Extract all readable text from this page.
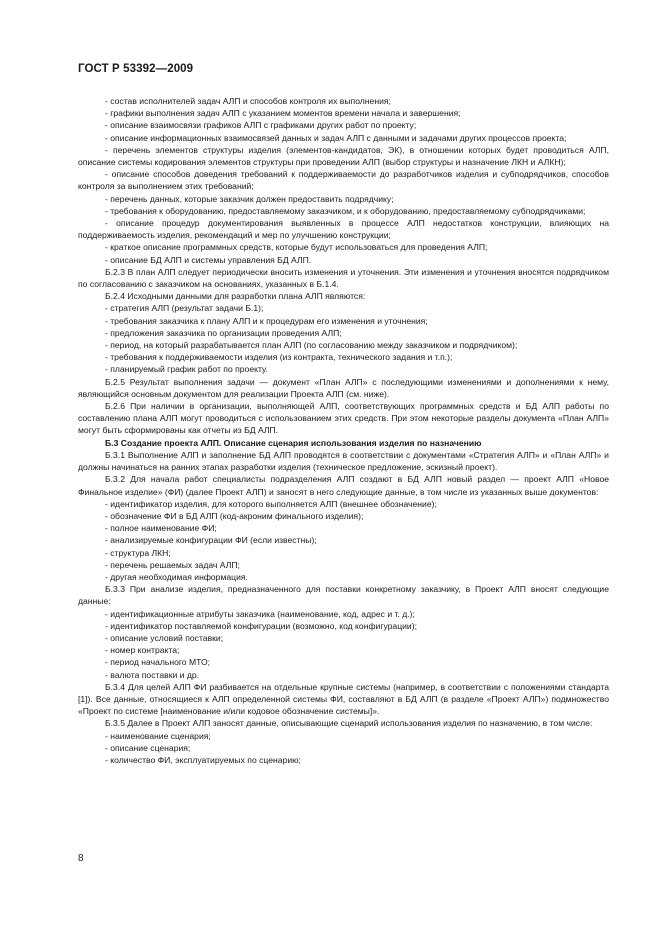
ГОСТ Р 53392—2009

- состав исполнителей задач АЛП и способов контроля их выполнения;

- графики выполнения задач АЛП с указанием моментов времени начала и завершения;

- описание взаимосвязи графиков АЛП с графиками других работ по проекту;

- описание информационных взаимосвязей данных и задач АЛП с данными и задачами других процессов проекта;

- перечень элементов структуры изделия (элементов-кандидатов, ЭК), в отношении которых будет проводиться АЛП, описание системы кодирования элементов структуры при проведении АЛП (выбор структуры и назначение ЛКН и АЛКН);

- описание способов доведения требований к поддерживаемости до разработчиков изделия и субподрядчиков, способов контроля за выполнением этих требований;

- перечень данных, которые заказчик должен предоставить подрядчику;

- требования к оборудованию, предоставляемому заказчиком, и к оборудованию, предоставляемому субподрядчиками;

- описание процедур документирования выявленных в процессе АЛП недостатков конструкции, влияющих на поддерживаемость изделия, рекомендаций и мер по улучшению конструкции;

- краткое описание программных средств, которые будут использоваться для проведения АЛП;

- описание БД АЛП и системы управления БД АЛП.

Б.2.3 В план АЛП следует периодически вносить изменения и уточнения. Эти изменения и уточнения вносятся подрядчиком по согласованию с заказчиком на основаниях, указанных в Б.1.4.

Б.2.4 Исходными данными для разработки плана АЛП являются:

- стратегия АЛП (результат задачи Б.1);

- требования заказчика к плану АЛП и к процедурам его изменения и уточнения;

- предложения заказчика по организации проведения АЛП;

- период, на который разрабатывается план АЛП (по согласованию между заказчиком и подрядчиком);

- требования к поддерживаемости изделия (из контракта, технического задания и т.п.);

- планируемый график работ по проекту.

Б.2.5 Результат выполнения задачи — документ «План АЛП» с последующими изменениями и дополнениями к нему, являющийся основным документом для реализации Проекта АЛП (см. ниже).

Б.2.6 При наличии в организации, выполняющей АЛП, соответствующих программных средств и БД АЛП работы по составлению плана АЛП могут проводиться с использованием этих средств. При этом некоторые разделы документа «План АЛП» могут быть сформированы как отчеты из БД АЛП.

Б.3 Создание проекта АЛП. Описание сценария использования изделия по назначению

Б.3.1 Выполнение АЛП и заполнение БД АЛП проводятся в соответствии с документами «Стратегия АЛП» и «План АЛП» и должны начинаться на ранних этапах разработки изделия (техническое предложение, эскизный проект).

Б.3.2 Для начала работ специалисты подразделения АЛП создают в БД АЛП новый раздел — проект АЛП «Новое Финальное изделие» (ФИ) (далее Проект АЛП) и заносят в него следующие данные, в том числе из указанных выше документов:

- идентификатор изделия, для которого выполняется АЛП (внешнее обозначение);

- обозначение ФИ в БД АЛП (код-акроним финального изделия);

- полное наименование ФИ;

- анализируемые конфигурации ФИ (если известны);

- структура ЛКН;

- перечень решаемых задач АЛП;

- другая необходимая информация.

Б.3.3 При анализе изделия, предназначенного для поставки конкретному заказчику, в Проект АЛП вносят следующие данные:

- идентификационные атрибуты заказчика (наименование, код, адрес и т. д.);

- идентификатор поставляемой конфигурации (возможно, код конфигурации);

- описание условий поставки;

- номер контракта;

- период начального МТО;

- валюта поставки и др.

Б.3.4 Для целей АЛП ФИ разбивается на отдельные крупные системы (например, в соответствии с положениями стандарта [1]). Все данные, относящиеся к АЛП определенной системы ФИ, составляют в БД АЛП (в разделе «Проект АЛП») подмножество «Проект по системе [наименование и/или кодовое обозначение системы]».

Б.3.5 Далее в Проект АЛП заносят данные, описывающие сценарий использования изделия по назначению, в том числе:

- наименование сценария;

- описание сценария;

- количество ФИ, эксплуатируемых по сценарию;

8
